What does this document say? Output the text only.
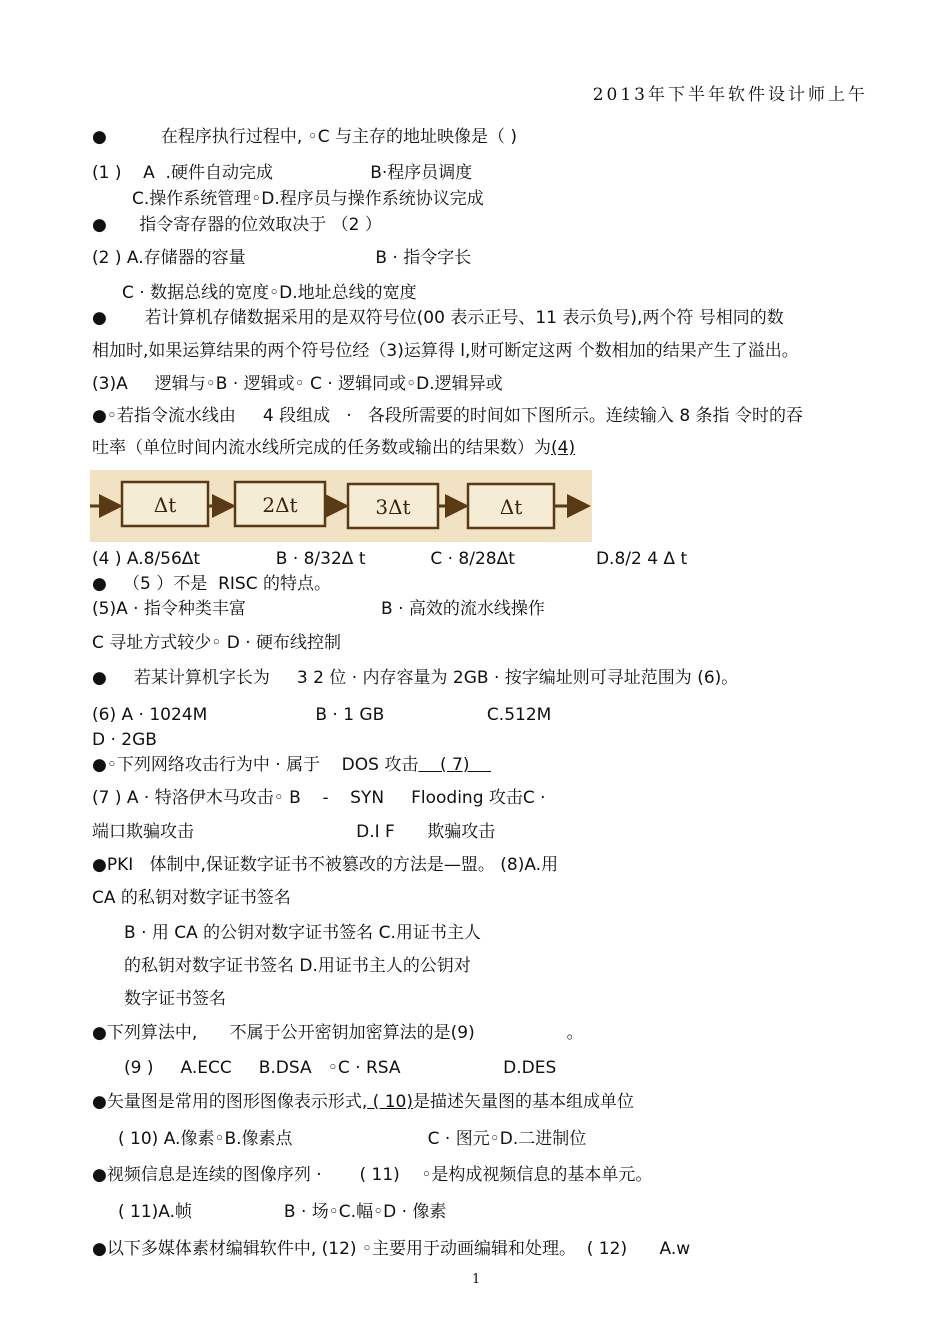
2013年下半年软件设计师上午
●          在程序执行过程中, ◦C 与主存的地址映像是（ )
(1 )    A  .硬件自动完成                  B·程序员调度
C.操作系统管理◦D.程序员与操作系统协议完成
●      指令寄存器的位效取决于 （2 ）
(2 ) A.存储器的容量                        B · 指令字长
C · 数据总线的宽度◦D.地址总线的宽度
●       若计算机存储数据采用的是双符号位(00 表示正号、11 表示负号),两个符 号相同的数
相加时,如果运算结果的两个符号位经（3)运算得 l,财可断定这两 个数相加的结果产生了溢出。
(3)A     逻辑与◦B · 逻辑或◦ C · 逻辑同或◦D.逻辑异或
●◦若指令流水线由     4 段组成   ·   各段所需要的时间如下图所示。连续输入 8 条指 令时的吞
吐率（单位时间内流水线所完成的任务数或输出的结果数）为(4)
Δt	2Δt	3Δt	Δt
(4 ) A.8/56Δt              B · 8/32Δ t            C · 8/28Δt               D.8/2 4 Δ t
●   （5 ）不是  RISC 的特点。
(5)A · 指令种类丰富                         B · 高效的流水线操作
C 寻址方式较少◦ D · 硬布线控制
●     若某计算机字长为     3 2 位 · 内存容量为 2GB · 按字编址则可寻址范围为 (6)。
(6) A · 1024M                    B · 1 GB                   C.512M
D · 2GB
●◦下列网络攻击行为中 · 属于    DOS 攻击    ( 7)
(7 ) A · 特洛伊木马攻击◦ B    -    SYN     Flooding 攻击C ·
端口欺骗攻击                              D.I F      欺骗攻击
●PKI   体制中,保证数字证书不被篡改的方法是—盟。 (8)A.用
CA 的私钥对数字证书签名
B · 用 CA 的公钥对数字证书签名 C.用证书主人
的私钥对数字证书签名 D.用证书主人的公钥对
数字证书签名
●下列算法中,      不属于公开密钥加密算法的是(9)                 。
(9 )     A.ECC     B.DSA   ◦C · RSA                   D.DES
●矢量图是常用的图形图像表示形式, ( 10)是描述矢量图的基本组成单位
( 10) A.像素◦B.像素点                         C · 图元◦D.二进制位
●视频信息是连续的图像序列 ·       ( 11)    ◦是构成视频信息的基本单元。
( 11)A.帧                 B · 场◦C.幅◦D · 像素
●以下多媒体素材编辑软件中, (12) ◦主要用于动画编辑和处理。  ( 12)      A.w
1
